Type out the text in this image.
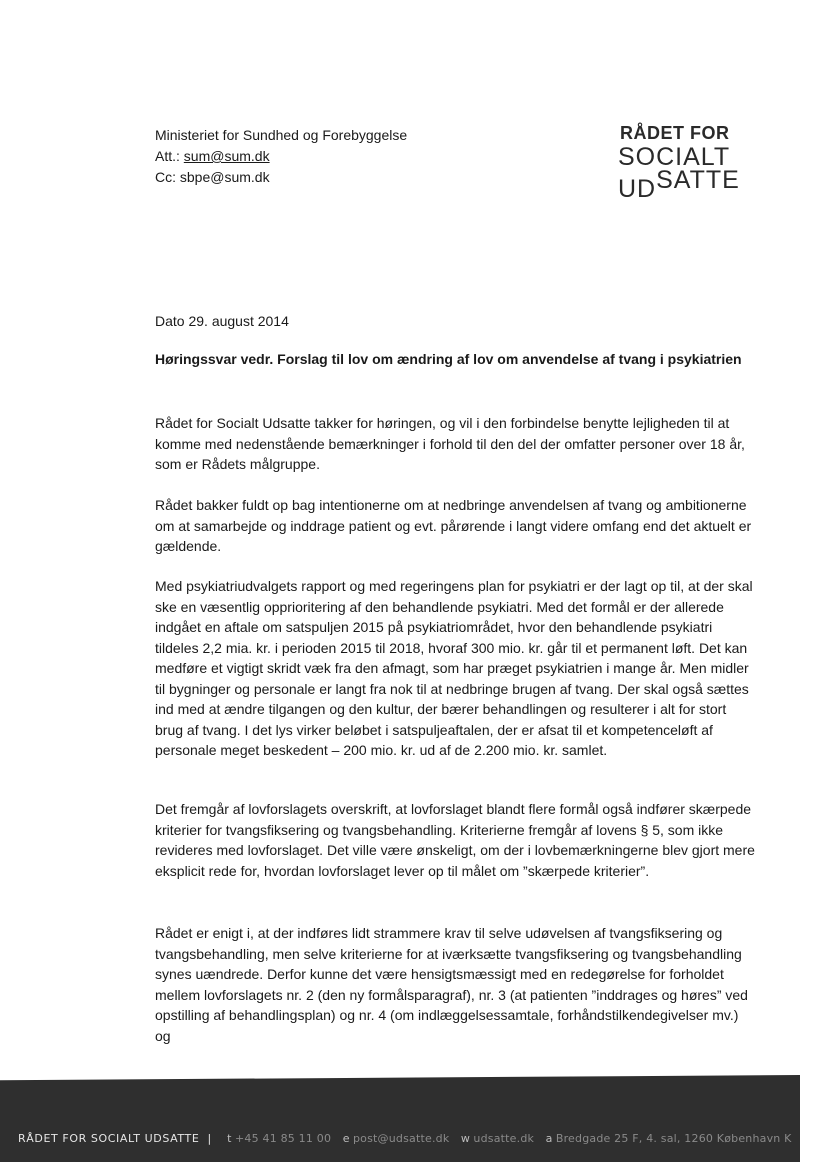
Ministeriet for Sundhed og Forebyggelse
Att.: sum@sum.dk
Cc: sbpe@sum.dk
RÅDET FOR
SOCIALT
UDSATTE
Dato 29. august 2014
Høringssvar vedr. Forslag til lov om ændring af lov om anvendelse af tvang i psykiatrien
Rådet for Socialt Udsatte takker for høringen, og vil i den forbindelse benytte lejligheden til at komme med nedenstående bemærkninger i forhold til den del der omfatter personer over 18 år, som er Rådets målgruppe.
Rådet bakker fuldt op bag intentionerne om at nedbringe anvendelsen af tvang og ambitionerne om at samarbejde og inddrage patient og evt. pårørende i langt videre omfang end det aktuelt er gældende.
Med psykiatriudvalgets rapport og med regeringens plan for psykiatri er der lagt op til, at der skal ske en væsentlig opprioritering af den behandlende psykiatri. Med det formål er der allerede indgået en aftale om satspuljen 2015 på psykiatriområdet, hvor den behandlende psykiatri tildeles 2,2 mia. kr. i perioden 2015 til 2018, hvoraf 300 mio. kr. går til et permanent løft. Det kan medføre et vigtigt skridt væk fra den afmagt, som har præget psykiatrien i mange år. Men midler til bygninger og personale er langt fra nok til at nedbringe brugen af tvang. Der skal også sættes ind med at ændre tilgangen og den kultur, der bærer behandlingen og resulterer i alt for stort brug af tvang. I det lys virker beløbet i satspuljeaftalen, der er afsat til et kompetenceløft af personale meget beskedent – 200 mio. kr. ud af de 2.200 mio. kr. samlet.
Det fremgår af lovforslagets overskrift, at lovforslaget blandt flere formål også indfører skærpede kriterier for tvangsfiksering og tvangsbehandling. Kriterierne fremgår af lovens § 5, som ikke revideres med lovforslaget. Det ville være ønskeligt, om der i lovbemærkningerne blev gjort mere eksplicit rede for, hvordan lovforslaget lever op til målet om ”skærpede kriterier”.
Rådet er enigt i, at der indføres lidt strammere krav til selve udøvelsen af tvangsfiksering og tvangsbehandling, men selve kriterierne for at iværksætte tvangsfiksering og tvangsbehandling synes uændrede. Derfor kunne det være hensigtsmæssigt med en redegørelse for forholdet mellem lovforslagets nr. 2 (den ny formålsparagraf), nr. 3 (at patienten ”inddrages og høres” ved opstilling af behandlingsplan) og nr. 4 (om indlæggelsessamtale, forhåndstilkendegivelser mv.) og
RÅDET FOR SOCIALT UDSATTE | t +45 41 85 11 00 e post@udsatte.dk w udsatte.dk a Bredgade 25 F, 4. sal, 1260 København K
